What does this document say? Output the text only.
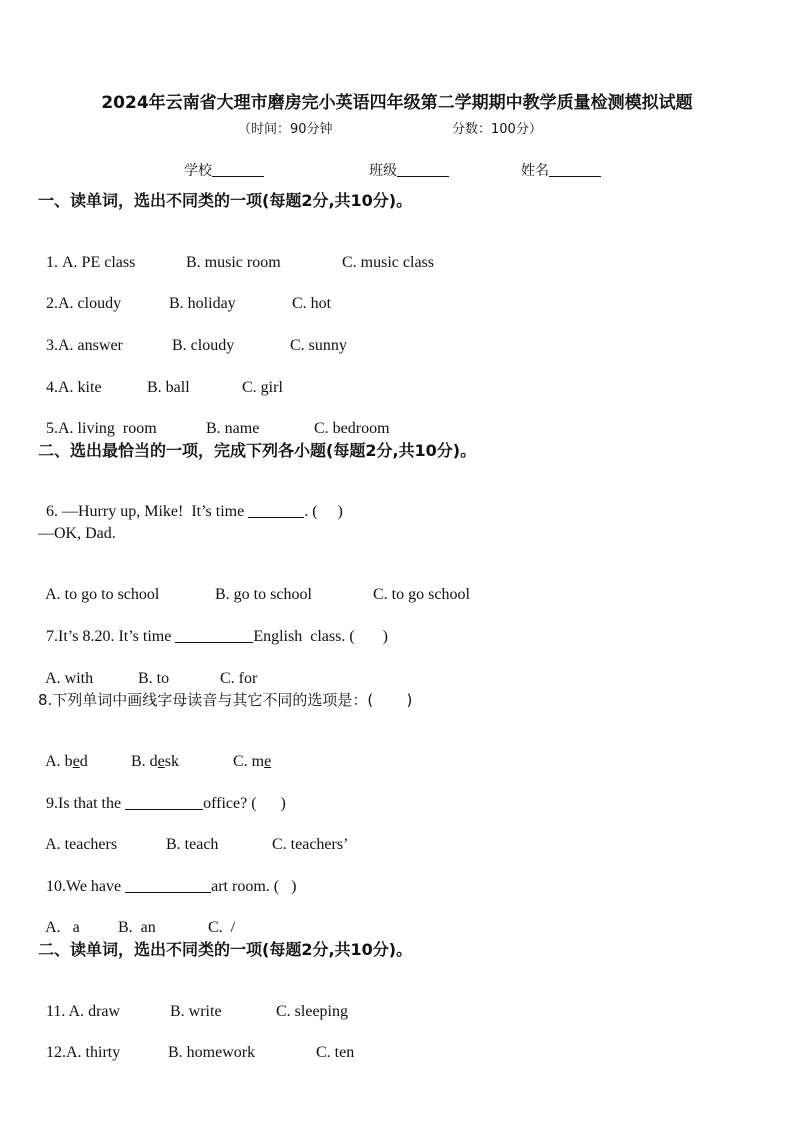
2024年云南省大理市磨房完小英语四年级第二学期期中教学质量检测模拟试题
（时间：90分钟	分数：100分）
学校	班级	姓名
一、读单词，选出不同类的一项(每题2分,共10分)。

1. A. PE class	B. music room	C. music class

2.A. cloudy	B. holiday	C. hot

3.A. answer	B. cloudy	C. sunny

4.A. kite	B. ball	C. girl

5.A. living  room	B. name	C. bedroom

二、选出最恰当的一项，完成下列各小题(每题2分,共10分)。

6. —Hurry up, Mike!  It’s time	. (     )

—OK, Dad.

A. to go to school	B. go to school	C. to go school

7.It’s 8.20. It’s time	English  class. (       )

A. with	B. to	C. for

8.下列单词中画线字母读音与其它不同的选项是：(       )

A. bed	B. desk	C. me

9.Is that the	office? (      )

A. teachers	B. teach	C. teachers’

10.We have	art room. (   )

A.   a B.  an	C.  /

二、读单词，选出不同类的一项(每题2分,共10分)。

11. A. draw	B. write	C. sleeping

12.A. thirty	B. homework	C. ten
